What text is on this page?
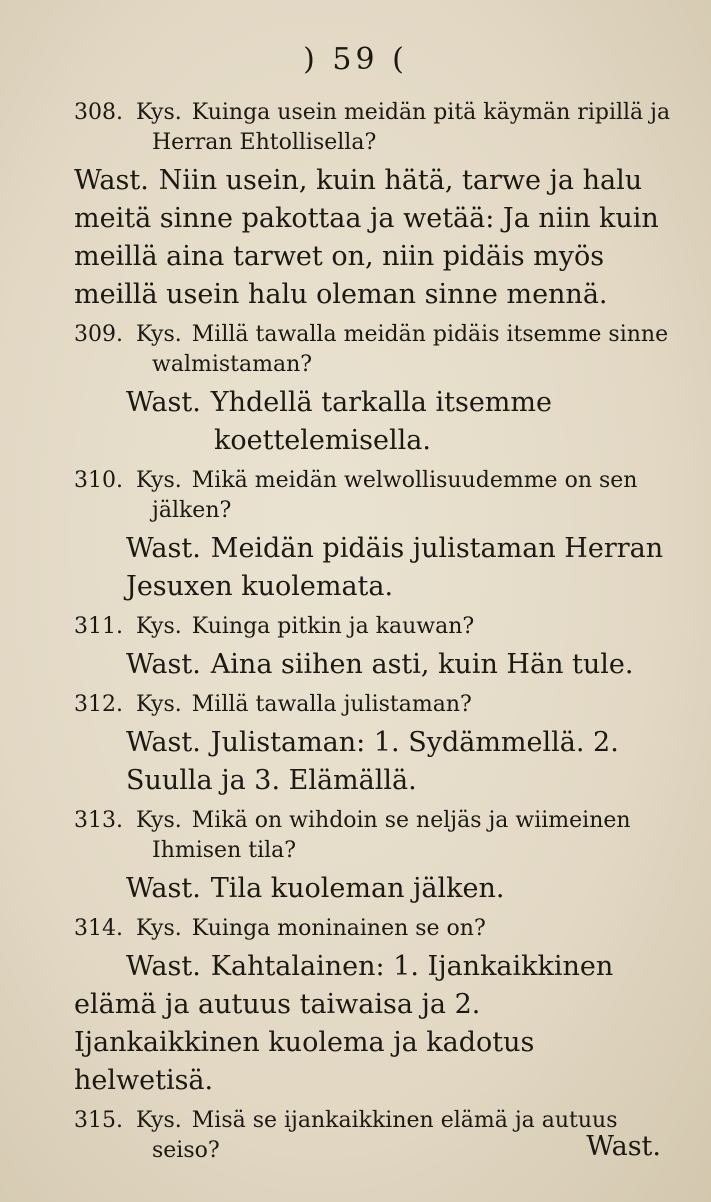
) 59 (
308. Kys. Kuinga usein meidän pitä käymän ripillä ja Herran Ehtollisella?
Wast. Niin usein, kuin hätä, tarwe ja halu meitä sinne pakottaa ja wetää: Ja niin kuin meillä aina tarwet on, niin pidäis myös meillä usein halu oleman sinne mennä.
309. Kys. Millä tawalla meidän pidäis itsemme sinne walmistaman?
Wast. Yhdellä tarkalla itsemme koettelemisella.
310. Kys. Mikä meidän welwollisuudemme on sen jälken?
Wast. Meidän pidäis julistaman Herran Jesuxen kuolemata.
311. Kys. Kuinga pitkin ja kauwan?
Wast. Aina siihen asti, kuin Hän tule.
312. Kys. Millä tawalla julistaman?
Wast. Julistaman: 1. Sydämmellä. 2. Suulla ja 3. Elämällä.
313. Kys. Mikä on wihdoin se neljäs ja wiimeinen Ihmisen tila?
Wast. Tila kuoleman jälken.
314. Kys. Kuinga moninainen se on?
Wast. Kahtalainen: 1. Ijankaikkinen elämä ja autuus taiwaisa ja 2. Ijankaikkinen kuolema ja kadotus helwetisä.
315. Kys. Misä se ijankaikkinen elämä ja autuus seiso?	Wast.
